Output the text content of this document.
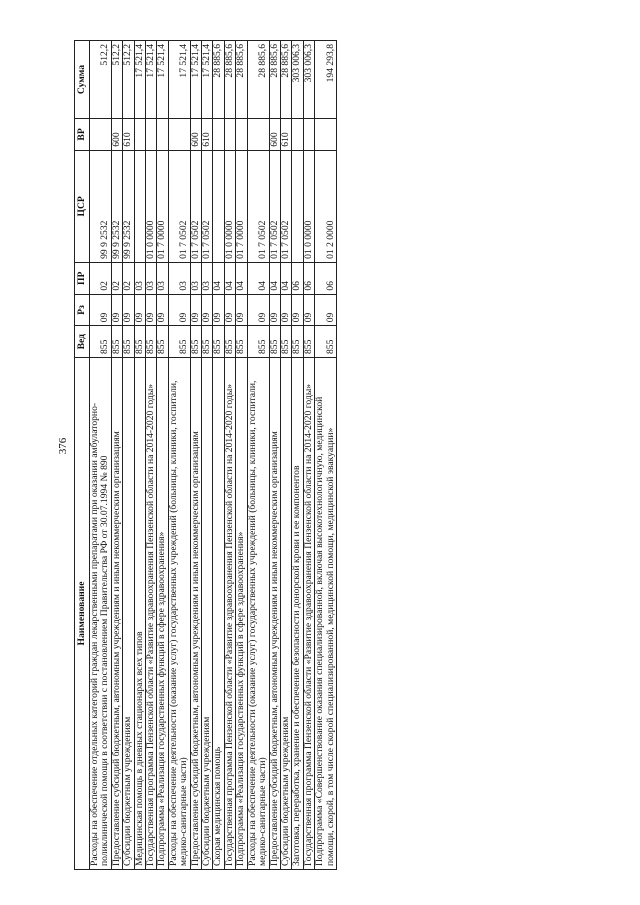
376
Наименование	Вед	Рз	ПР	ЦСР	ВР	Сумма
Расходы на обеспечение отдельных категорий граждан лекарственными препаратами при оказании амбулаторно-поликлинической помощи в соответствии с постановлением Правительства РФ от 30.07.1994 № 890	855	09	02	99 9 2532		512,2
Предоставление субсидий бюджетным, автономным учреждениям и иным некоммерческим организациям	855	09	02	99 9 2532	600	512,2
Субсидии бюджетным учреждениям	855	09	02	99 9 2532	610	512,2
Медицинская помощь в дневных стационарах всех типов	855	09	03			17 521,4
Государственная программа Пензенской области «Развитие здравоохранения Пензенской области на 2014-2020 годы»	855	09	03	01 0 0000		17 521,4
Подпрограмма «Реализация государственных функций в сфере здравоохранения»	855	09	03	01 7 0000		17 521,4
Расходы на обеспечение деятельности (оказание услуг) государственных учреждений (больницы, клиники, госпитали, медико-санитарные части)	855	09	03	01 7 0502		17 521,4
Предоставление субсидий бюджетным, автономным учреждениям и иным некоммерческим организациям	855	09	03	01 7 0502	600	17 521,4
Субсидии бюджетным учреждениям	855	09	03	01 7 0502	610	17 521,4
Скорая медицинская помощь	855	09	04			28 885,6
Государственная программа Пензенской области «Развитие здравоохранения Пензенской области на 2014-2020 годы»	855	09	04	01 0 0000		28 885,6
Подпрограмма «Реализация государственных функций в сфере здравоохранения»	855	09	04	01 7 0000		28 885,6
Расходы на обеспечение деятельности (оказание услуг) государственных учреждений (больницы, клиники, госпитали, медико-санитарные части)	855	09	04	01 7 0502		28 885,6
Предоставление субсидий бюджетным, автономным учреждениям и иным некоммерческим организациям	855	09	04	01 7 0502	600	28 885,6
Субсидии бюджетным учреждениям	855	09	04	01 7 0502	610	28 885,6
Заготовка, переработка, хранение и обеспечение безопасности донорской крови и ее компонентов	855	09	06			303 006,3
Государственная программа Пензенской области «Развитие здравоохранения Пензенской области на 2014-2020 годы»	855	09	06	01 0 0000		303 006,3
Подпрограмма «Совершенствование оказания специализированной, включая высокотехнологичную, медицинской помощи, скорой, в том числе скорой специализированной, медицинской помощи, медицинской эвакуации»	855	09	06	01 2 0000		194 293,8
